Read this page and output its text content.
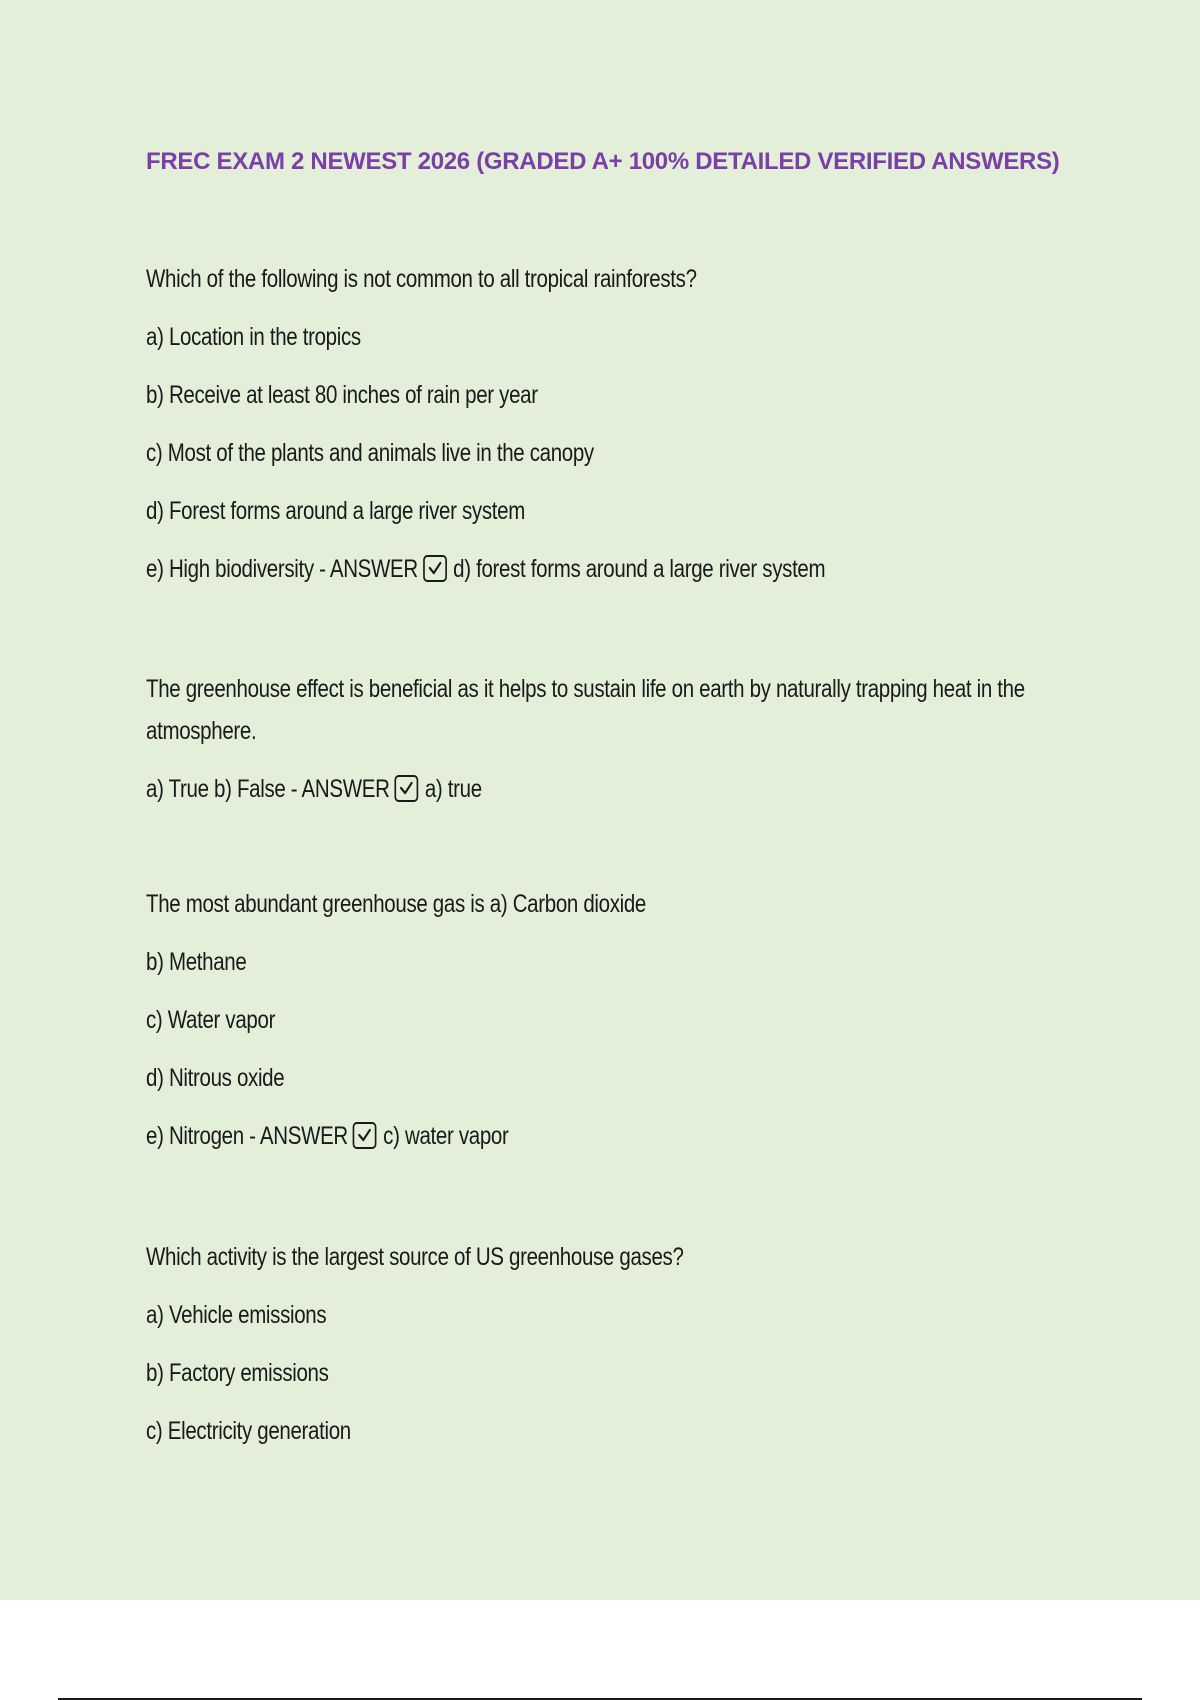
FREC EXAM 2 NEWEST 2026 (GRADED A+ 100% DETAILED VERIFIED ANSWERS)
Which of the following is not common to all tropical rainforests?
a) Location in the tropics
b) Receive at least 80 inches of rain per year
c) Most of the plants and animals live in the canopy
d) Forest forms around a large river system
e) High biodiversity - ANSWER d) forest forms around a large river system
The greenhouse effect is beneficial as it helps to sustain life on earth by naturally trapping heat in the atmosphere.
a) True b) False - ANSWER a) true
The most abundant greenhouse gas is a) Carbon dioxide
b) Methane
c) Water vapor
d) Nitrous oxide
e) Nitrogen - ANSWER c) water vapor
Which activity is the largest source of US greenhouse gases?
a) Vehicle emissions
b) Factory emissions
c) Electricity generation
